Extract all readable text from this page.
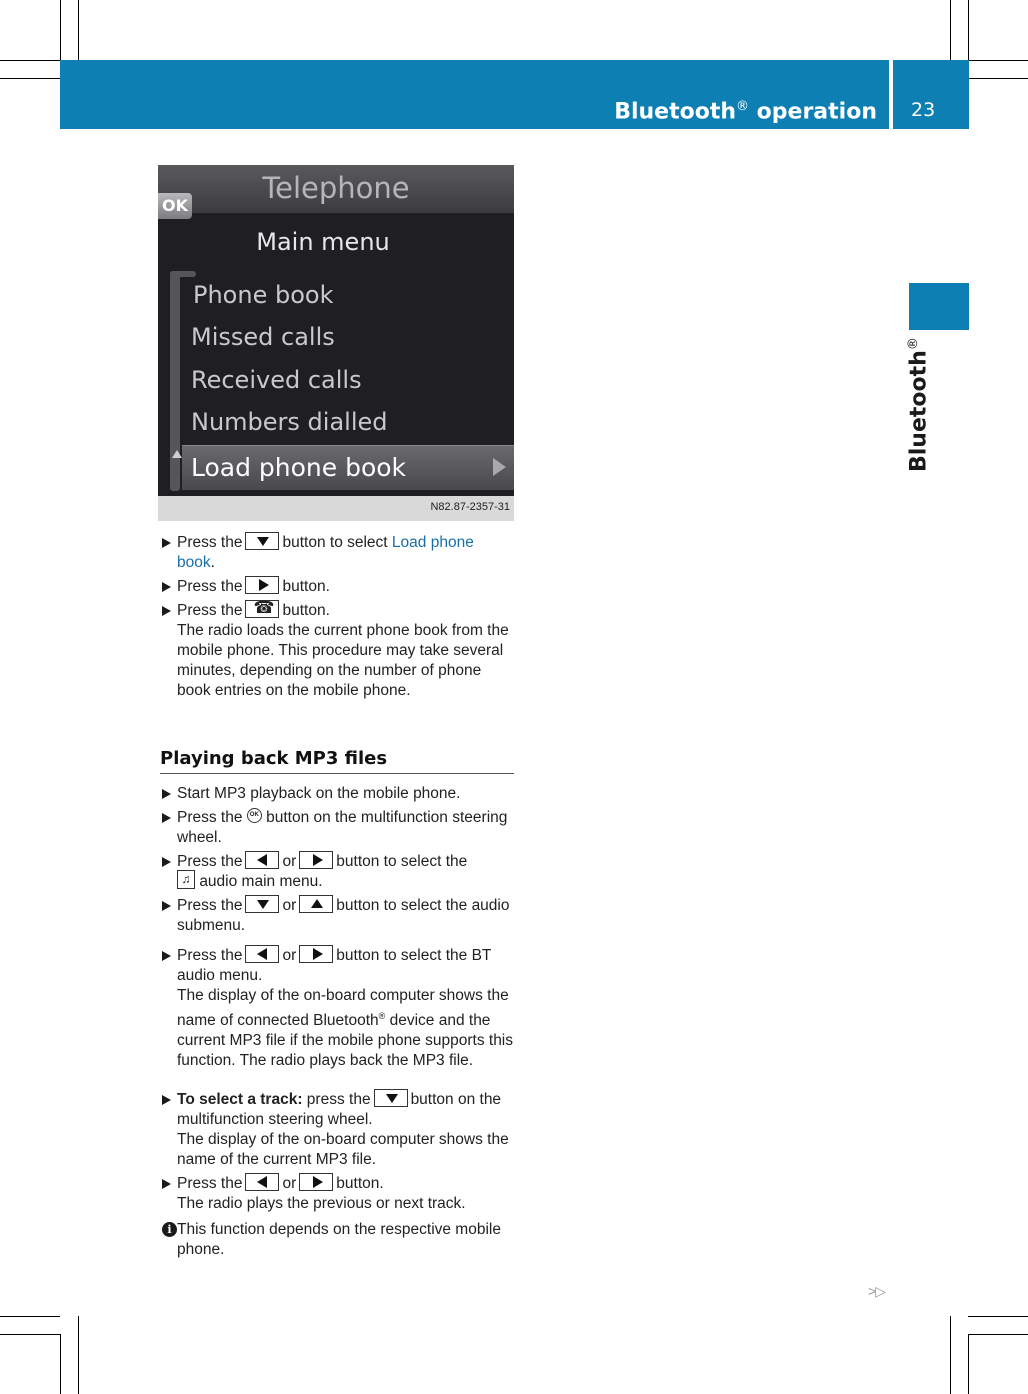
Bluetooth® operation 23
Bluetooth®
Telephone
OK
Main menu
Phone book
Missed calls
Received calls
Numbers dialled
Load phone book
N82.87-2357-31
Press the	button to select Load phone book.
Press the	button.
Press the ☎ button.
The radio loads the current phone book from the mobile phone. This procedure may take several minutes, depending on the number of phone book entries on the mobile phone.
Playing back MP3 files
Start MP3 playback on the mobile phone.
Press the OK button on the multifunction steering wheel.
Press the	or	button to select the
♫ audio main menu.
Press the	or	button to select the audio submenu.
Press the	or	button to select the BT audio menu.
The display of the on-board computer shows the name of connected Bluetooth® device and the current MP3 file if the mobile phone supports this function. The radio plays back the MP3 file.
To select a track: press the	button on the multifunction steering wheel.
The display of the on-board computer shows the name of the current MP3 file.
Press the	or	button.
The radio plays the previous or next track.
i This function depends on the respective mobile phone.
>▷
